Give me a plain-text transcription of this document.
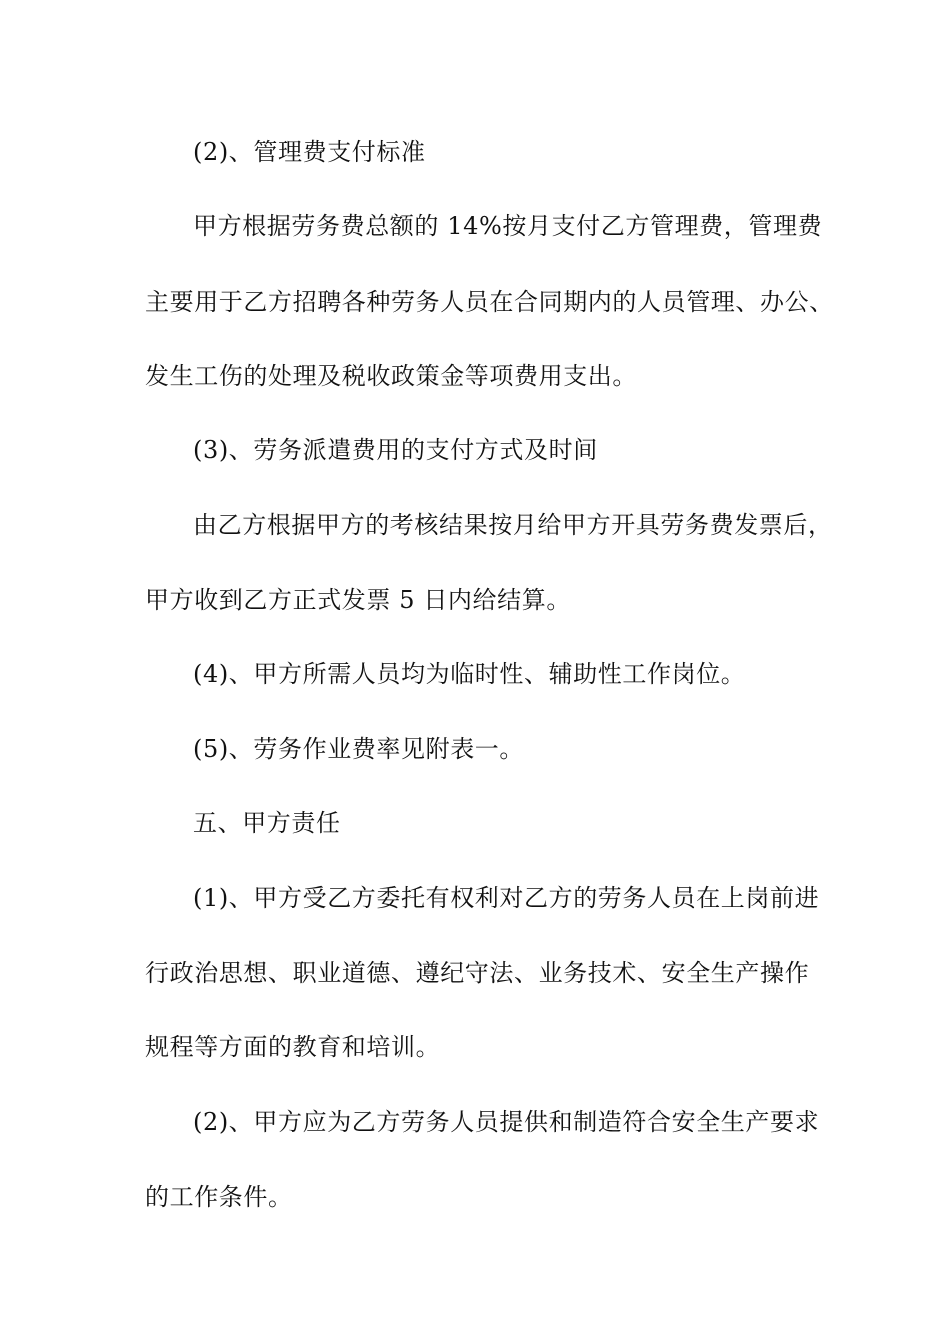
(2)、管理费支付标准
甲方根据劳务费总额的 14%按月支付乙方管理费，管理费
主要用于乙方招聘各种劳务人员在合同期内的人员管理、办公、
发生工伤的处理及税收政策金等项费用支出。
(3)、劳务派遣费用的支付方式及时间
由乙方根据甲方的考核结果按月给甲方开具劳务费发票后，
甲方收到乙方正式发票 5 日内给结算。
(4)、甲方所需人员均为临时性、辅助性工作岗位。
(5)、劳务作业费率见附表一。
五、甲方责任
(1)、甲方受乙方委托有权利对乙方的劳务人员在上岗前进
行政治思想、职业道德、遵纪守法、业务技术、安全生产操作
规程等方面的教育和培训。
(2)、甲方应为乙方劳务人员提供和制造符合安全生产要求
的工作条件。
